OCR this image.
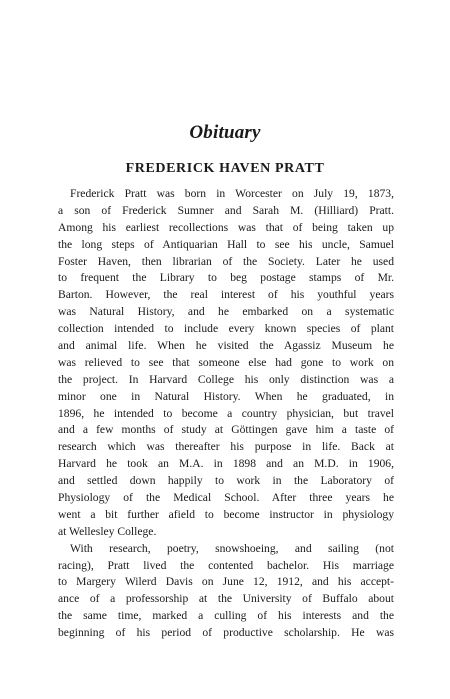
Obituary
FREDERICK HAVEN PRATT
Frederick Pratt was born in Worcester on July 19, 1873,
a son of Frederick Sumner and Sarah M. (Hilliard) Pratt.
Among his earliest recollections was that of being taken up
the long steps of Antiquarian Hall to see his uncle, Samuel
Foster Haven, then librarian of the Society. Later he used
to frequent the Library to beg postage stamps of Mr.
Barton. However, the real interest of his youthful years
was Natural History, and he embarked on a systematic
collection intended to include every known species of plant
and animal life. When he visited the Agassiz Museum he
was relieved to see that someone else had gone to work on
the project. In Harvard College his only distinction was a
minor one in Natural History. When he graduated, in
1896, he intended to become a country physician, but travel
and a few months of study at Göttingen gave him a taste of
research which was thereafter his purpose in life. Back at
Harvard he took an M.A. in 1898 and an M.D. in 1906,
and settled down happily to work in the Laboratory of
Physiology of the Medical School. After three years he
went a bit further afield to become instructor in physiology
at Wellesley College.
With research, poetry, snowshoeing, and sailing (not
racing), Pratt lived the contented bachelor. His marriage
to Margery Wilerd Davis on June 12, 1912, and his accept-
ance of a professorship at the University of Buffalo about
the same time, marked a culling of his interests and the
beginning of his period of productive scholarship. He was
